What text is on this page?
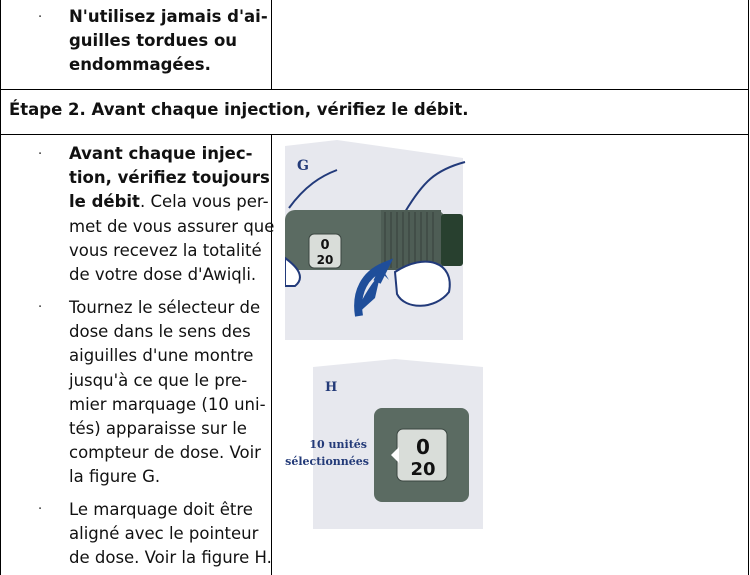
· N'utilisez jamais d'ai-
guilles tordues ou
endommagées.
Étape 2. Avant chaque injection, vérifiez le débit.
· Avant chaque injec-
tion, vérifiez toujours
le débit. Cela vous per-
met de vous assurer que
vous recevez la totalité
de votre dose d'Awiqli.
· Tournez le sélecteur de
dose dans le sens des
aiguilles d'une montre
jusqu'à ce que le pre-
mier marquage (10 uni-
tés) apparaisse sur le
compteur de dose. Voir
la figure G.
· Le marquage doit être
aligné avec le pointeur
de dose. Voir la figure H.
0
20
G
0
20
H
10 unités
sélectionnées
